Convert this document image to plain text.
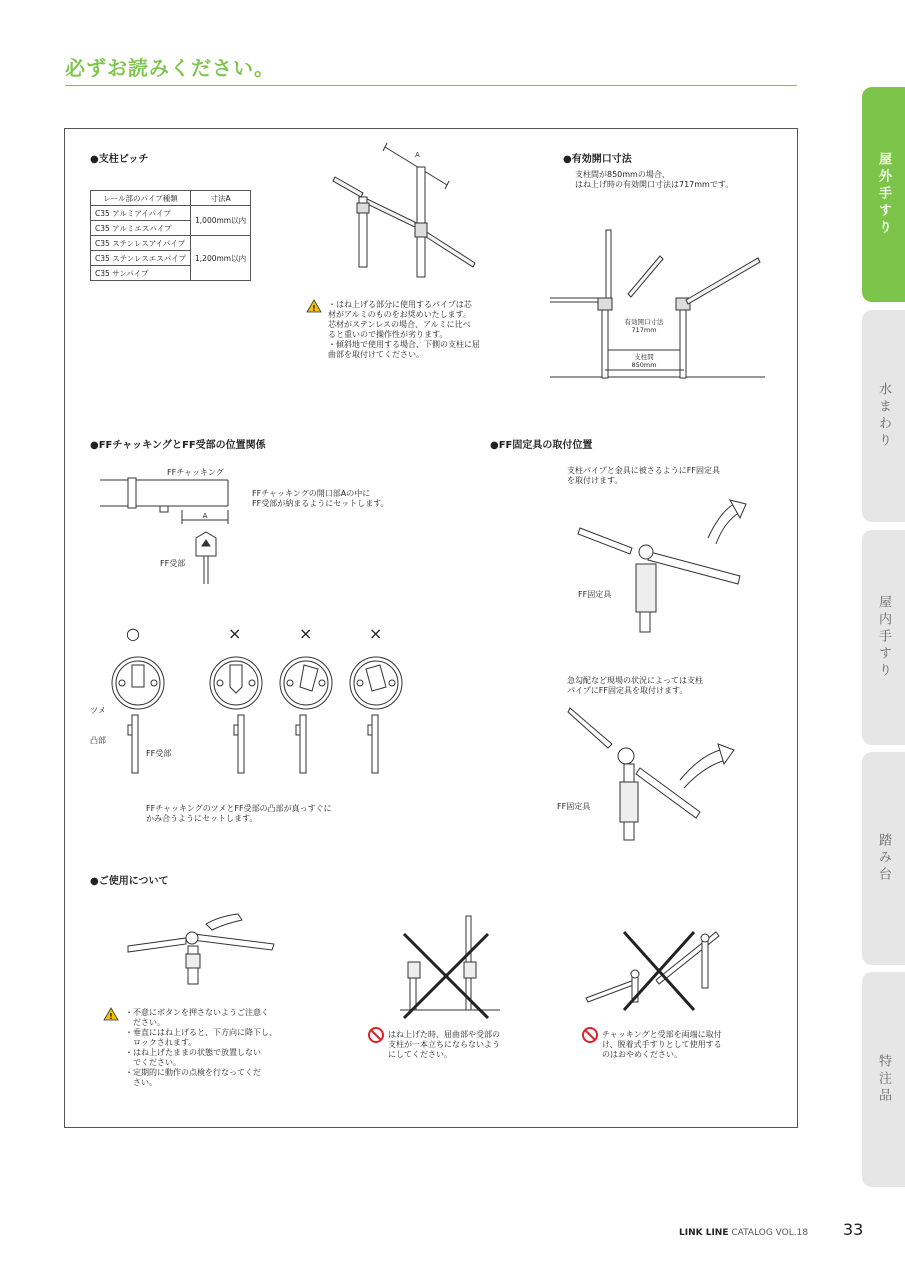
必ずお読みください。
●支柱ピッチ
レール部のパイプ種類	寸法A
C35 アルミアイパイプ	1,000mm以内
C35 アルミエスパイプ	
C35 ステンレスアイパイプ	1,200mm以内
C35 ステンレスエスパイプ	
C35 サンパイプ	
A
! ・はね上げる部分に使用するパイプは芯
材がアルミのものをお奨めいたします。
芯材がステンレスの場合、アルミに比べ
ると重いので操作性が劣ります。
・傾斜地で使用する場合、下側の支柱に屈
曲部を取付けてください。
●有効開口寸法
支柱間が850mmの場合、
はね上げ時の有効開口寸法は717mmです。
有効開口寸法
717mm
支柱間
850mm
●FFチャッキングとFF受部の位置関係
FFチャッキング
A
FF受部
FFチャッキングの開口部Aの中に
FF受部が納まるようにセットします。
○	×	×	×
ツメ
凸部
FF受部
FFチャッキングのツメとFF受部の凸部が真っすぐに
かみ合うようにセットします。
●FF固定具の取付位置
支柱パイプと金具に被さるようにFF固定具
を取付けます。
FF固定具
急勾配など現場の状況によっては支柱
パイプにFF固定具を取付けます。
FF固定具
●ご使用について
! ・不意にボタンを押さないようご注意く
　ださい。
・垂直にはね上げると、下方向に降下し、
　ロックされます。
・はね上げたままの状態で放置しない
　でください。
・定期的に動作の点検を行なってくだ
　さい。
はね上げた時、屈曲部や受部の
支柱が一本立ちにならないよう
にしてください。
チャッキングと受部を両端に取付
け、脱着式手すりとして使用する
のはおやめください。
屋外手すり
水まわり
屋内手すり
踏み台
特注品
LINK LINE CATALOG VOL.18 33
